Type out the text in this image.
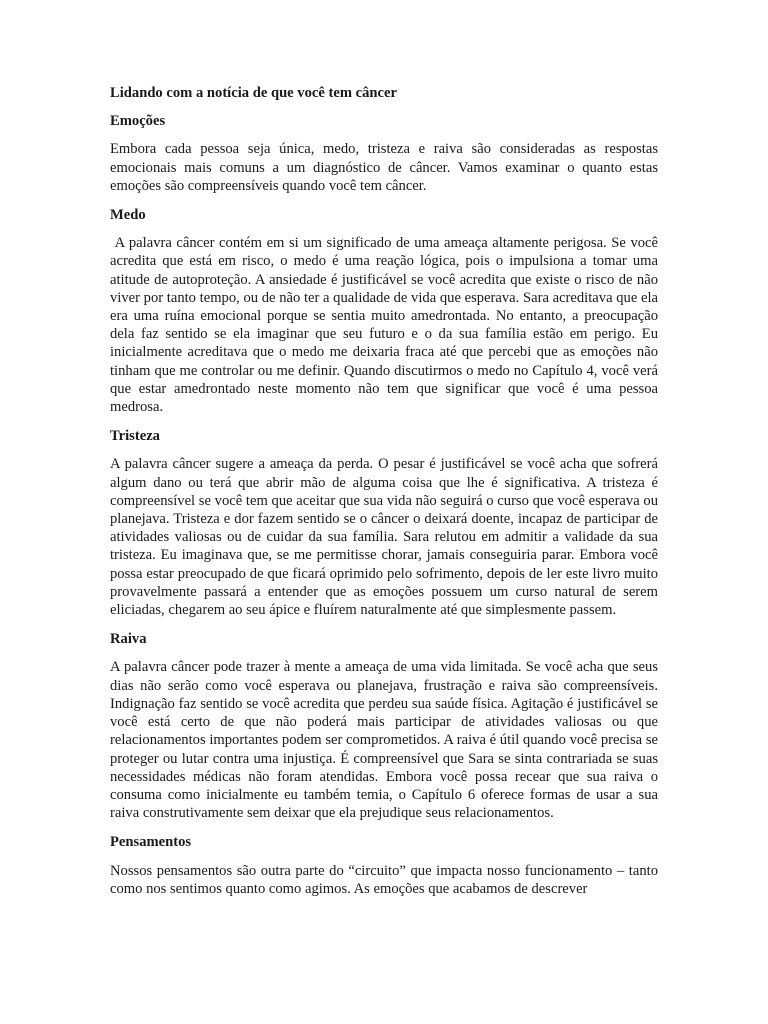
Lidando com a notícia de que você tem câncer
Emoções

Embora cada pessoa seja única, medo, tristeza e raiva são consideradas as respostas emocionais mais comuns a um diagnóstico de câncer. Vamos examinar o quanto estas emoções são compreensíveis quando você tem câncer.

Medo

A palavra câncer contém em si um significado de uma ameaça altamente perigosa. Se você acredita que está em risco, o medo é uma reação lógica, pois o impulsiona a tomar uma atitude de autoproteção. A ansiedade é justificável se você acredita que existe o risco de não viver por tanto tempo, ou de não ter a qualidade de vida que esperava. Sara acreditava que ela era uma ruína emocional porque se sentia muito amedrontada. No entanto, a preocupação dela faz sentido se ela imaginar que seu futuro e o da sua família estão em perigo. Eu inicialmente acreditava que o medo me deixaria fraca até que percebi que as emoções não tinham que me controlar ou me definir. Quando discutirmos o medo no Capítulo 4, você verá que estar amedrontado neste momento não tem que significar que você é uma pessoa medrosa.

Tristeza

A palavra câncer sugere a ameaça da perda. O pesar é justificável se você acha que sofrerá algum dano ou terá que abrir mão de alguma coisa que lhe é significativa. A tristeza é compreensível se você tem que aceitar que sua vida não seguirá o curso que você esperava ou planejava. Tristeza e dor fazem sentido se o câncer o deixará doente, incapaz de participar de atividades valiosas ou de cuidar da sua família. Sara relutou em admitir a validade da sua tristeza. Eu imaginava que, se me permitisse chorar, jamais conseguiria parar. Embora você possa estar preocupado de que ficará oprimido pelo sofrimento, depois de ler este livro muito provavelmente passará a entender que as emoções possuem um curso natural de serem eliciadas, chegarem ao seu ápice e fluírem naturalmente até que simplesmente passem.

Raiva

A palavra câncer pode trazer à mente a ameaça de uma vida limitada. Se você acha que seus dias não serão como você esperava ou planejava, frustração e raiva são compreensíveis. Indignação faz sentido se você acredita que perdeu sua saúde física. Agitação é justificável se você está certo de que não poderá mais participar de atividades valiosas ou que relacionamentos importantes podem ser comprometidos. A raiva é útil quando você precisa se proteger ou lutar contra uma injustiça. É compreensível que Sara se sinta contrariada se suas necessidades médicas não foram atendidas. Embora você possa recear que sua raiva o consuma como inicialmente eu também temia, o Capítulo 6 oferece formas de usar a sua raiva construtivamente sem deixar que ela prejudique seus relacionamentos.

Pensamentos

Nossos pensamentos são outra parte do “circuito” que impacta nosso funcionamento – tanto como nos sentimos quanto como agimos. As emoções que acabamos de descrever
